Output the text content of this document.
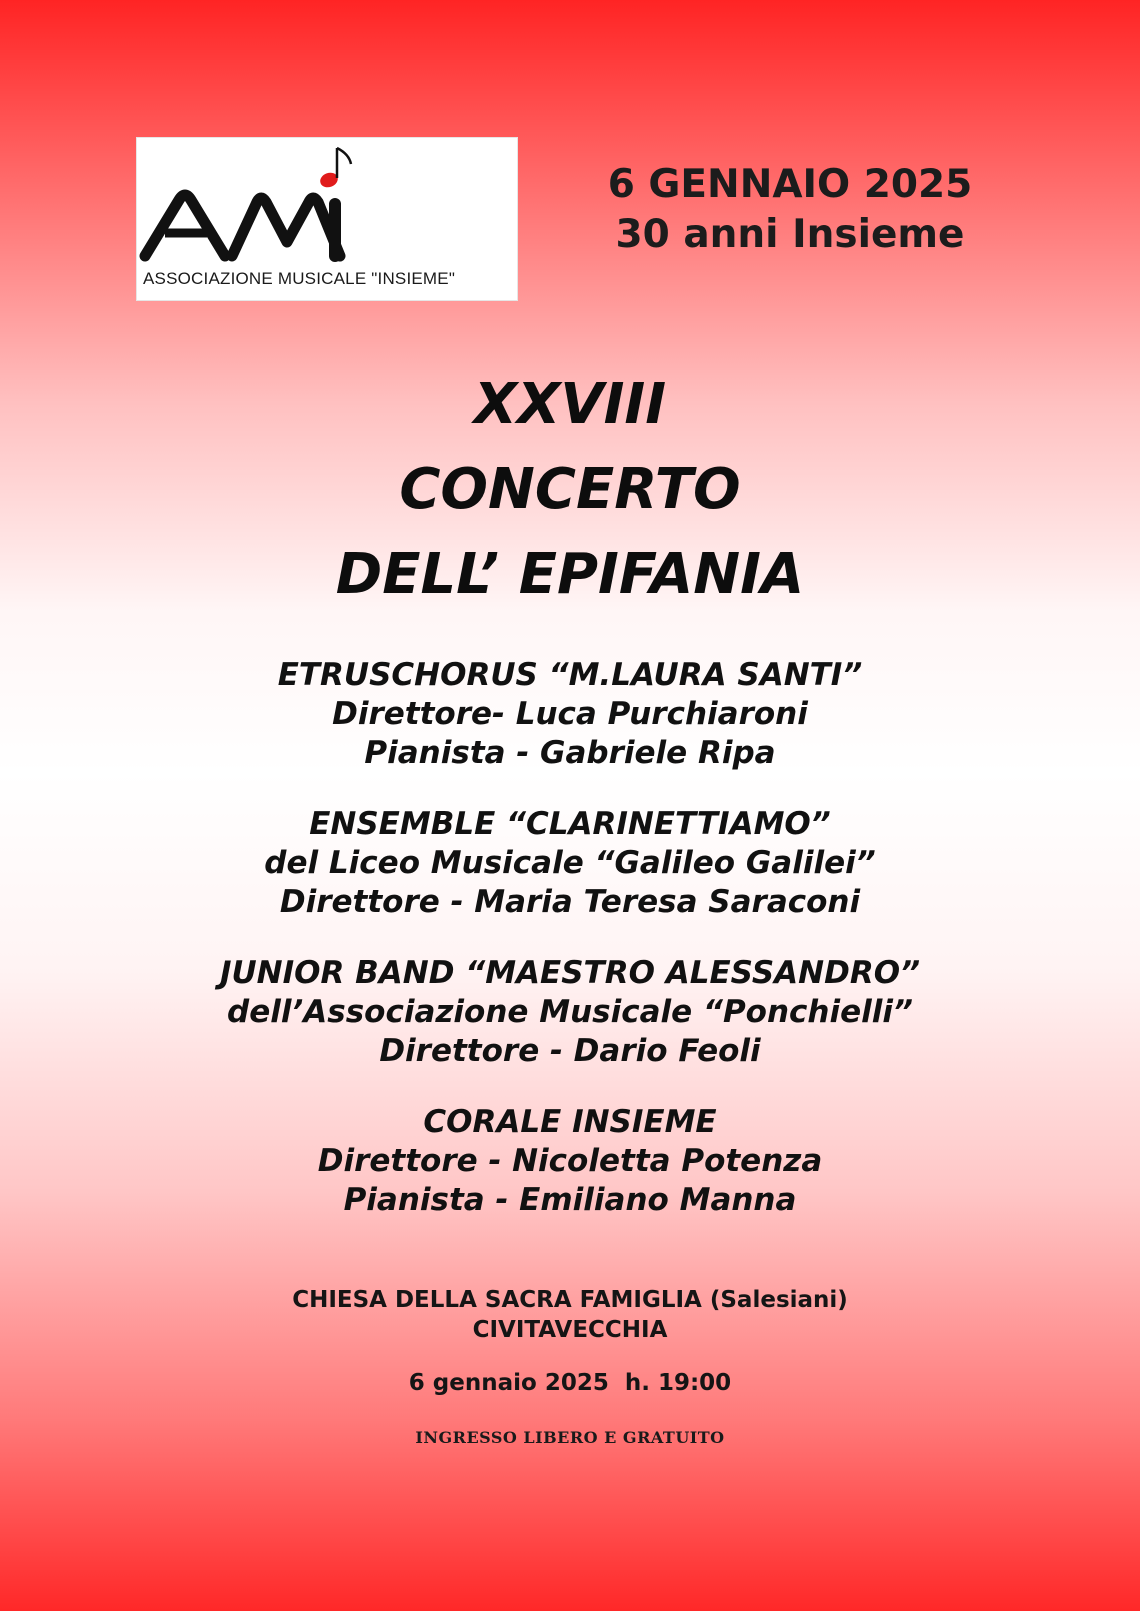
ASSOCIAZIONE MUSICALE "INSIEME"
6 GENNAIO 2025
30 anni Insieme
XXVIII
CONCERTO
DELL’ EPIFANIA
ETRUSCHORUS “M.LAURA SANTI”
Direttore- Luca Purchiaroni
Pianista - Gabriele Ripa
ENSEMBLE “CLARINETTIAMO”
del Liceo Musicale “Galileo Galilei”
Direttore - Maria Teresa Saraconi
JUNIOR BAND “MAESTRO ALESSANDRO”
dell’Associazione Musicale “Ponchielli”
Direttore - Dario Feoli
CORALE INSIEME
Direttore - Nicoletta Potenza
Pianista - Emiliano Manna
CHIESA DELLA SACRA FAMIGLIA (Salesiani)
CIVITAVECCHIA
6 gennaio 2025  h. 19:00
INGRESSO LIBERO E GRATUITO
